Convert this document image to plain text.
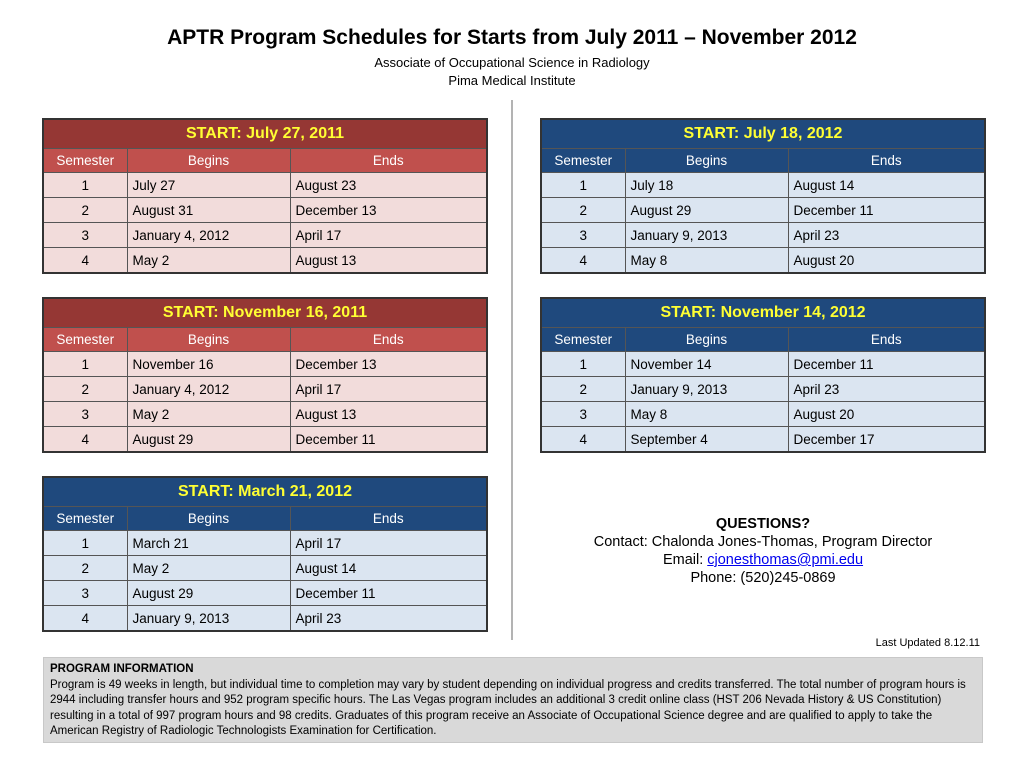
APTR Program Schedules for Starts from July 2011 – November 2012
Associate of Occupational Science in Radiology
Pima Medical Institute
START: July 27, 2011		
Semester	Begins	Ends
1	July 27	August 23
2	August 31	December 13
3	January 4, 2012	April 17
4	May 2	August 13
START: November 16, 2011		
Semester	Begins	Ends
1	November 16	December 13
2	January 4, 2012	April 17
3	May 2	August 13
4	August 29	December 11
START: March 21, 2012		
Semester	Begins	Ends
1	March 21	April 17
2	May 2	August 14
3	August 29	December 11
4	January 9, 2013	April 23
START: July 18, 2012		
Semester	Begins	Ends
1	July 18	August 14
2	August 29	December 11
3	January 9, 2013	April 23
4	May 8	August 20
START: November 14, 2012		
Semester	Begins	Ends
1	November 14	December 11
2	January 9, 2013	April 23
3	May 8	August 20
4	September 4	December 17
QUESTIONS?
Contact: Chalonda Jones-Thomas, Program Director
Email: cjonesthomas@pmi.edu
Phone: (520)245-0869
Last Updated 8.12.11
PROGRAM INFORMATION
Program is 49 weeks in length, but individual time to completion may vary by student depending on individual progress and credits transferred. The total number of program hours is 2944 including transfer hours and 952 program specific hours. The Las Vegas program includes an additional 3 credit online class (HST 206 Nevada History & US Constitution) resulting in a total of 997 program hours and 98 credits. Graduates of this program receive an Associate of Occupational Science degree and are qualified to apply to take the American Registry of Radiologic Technologists Examination for Certification.
